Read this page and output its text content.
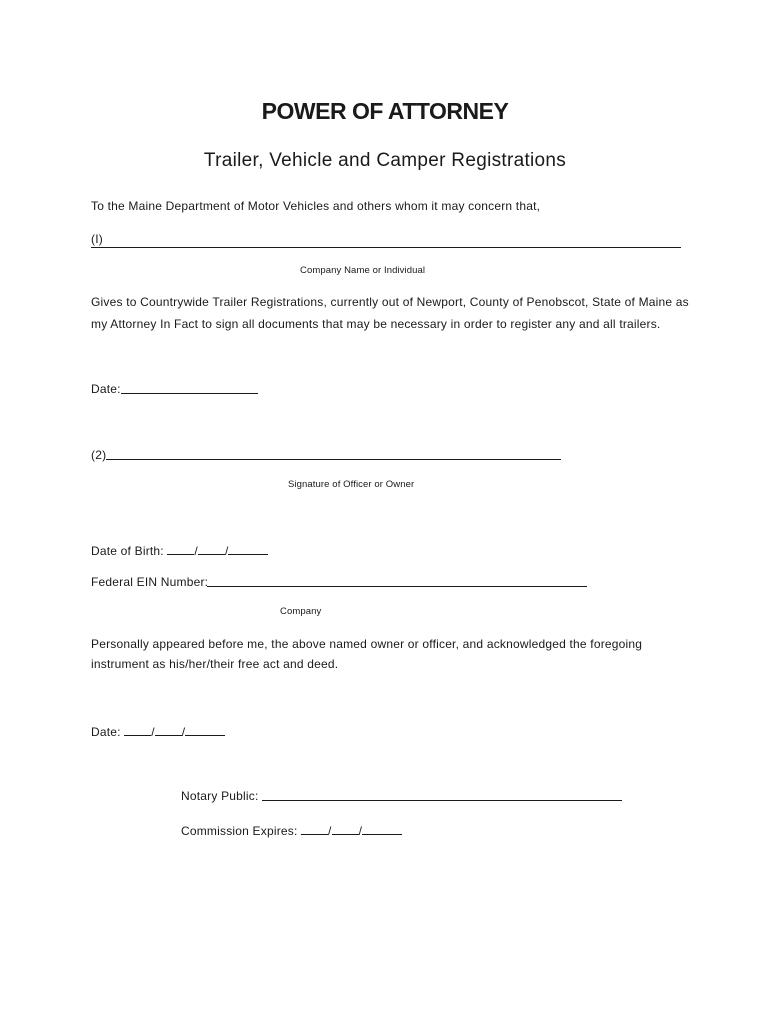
POWER OF ATTORNEY
Trailer, Vehicle and Camper Registrations
To the Maine Department of Motor Vehicles and others whom it may concern that,
(I)
Company Name or Individual
Gives to Countrywide Trailer Registrations, currently out of Newport, County of Penobscot, State of Maine as
my Attorney In Fact to sign all documents that may be necessary in order to register any and all trailers.
Date:
(2)
Signature of Officer or Owner
Date of Birth:	/ /
Federal EIN Number:
Company
Personally appeared before me, the above named owner or officer, and acknowledged the foregoing
instrument as his/her/their free act and deed.
Date:	/ /
Notary Public:
Commission Expires:	/ /
